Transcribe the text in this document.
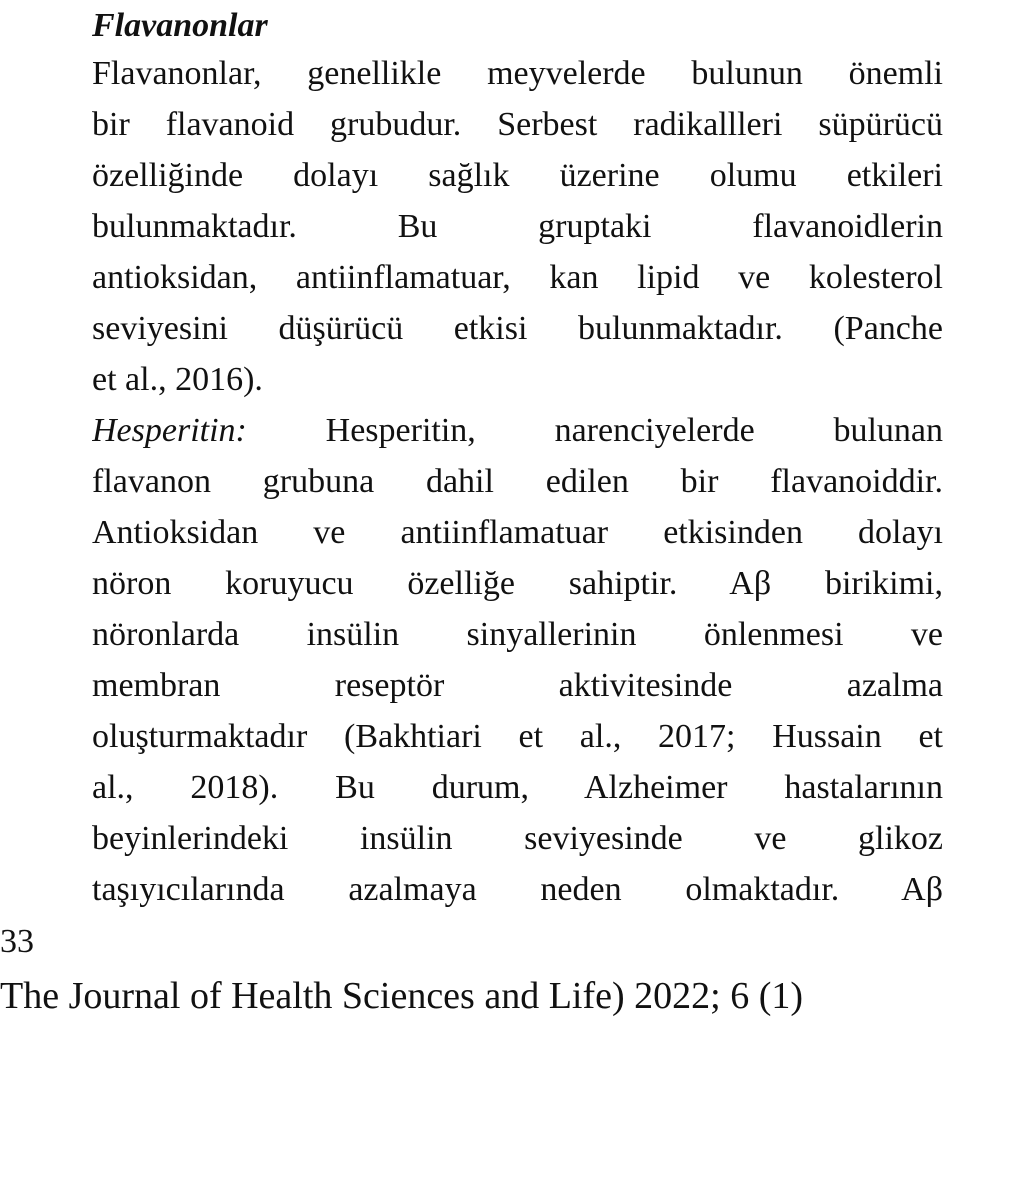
Flavanonlar

Flavanonlar, genellikle meyvelerde bulunun önemli
bir flavanoid grubudur. Serbest radikallleri süpürücü
özelliğinde dolayı sağlık üzerine olumu etkileri
bulunmaktadır. Bu gruptaki flavanoidlerin
antioksidan, antiinflamatuar, kan lipid ve kolesterol
seviyesini düşürücü etkisi bulunmaktadır. (Panche
et al., 2016).
Hesperitin: Hesperitin, narenciyelerde bulunan
flavanon grubuna dahil edilen bir flavanoiddir.
Antioksidan ve antiinflamatuar etkisinden dolayı
nöron koruyucu özelliğe sahiptir. Aβ birikimi,
nöronlarda insülin sinyallerinin önlenmesi ve
membran reseptör aktivitesinde azalma
oluşturmaktadır (Bakhtiari et al., 2017; Hussain et
al., 2018). Bu durum, Alzheimer hastalarının
beyinlerindeki insülin seviyesinde ve glikoz
taşıyıcılarında azalmaya neden olmaktadır. Aβ

33

The Journal of Health Sciences and Life) 2022; 6 (1)
